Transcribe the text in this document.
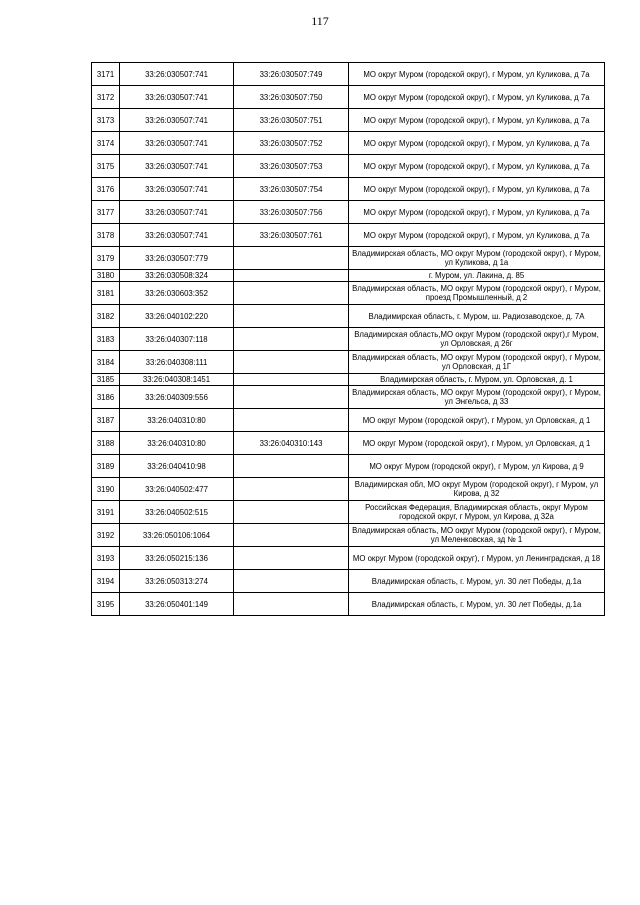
117
3171	33:26:030507:741	33:26:030507:749	МО округ Муром (городской округ), г Муром, ул Куликова, д 7а
3172	33:26:030507:741	33:26:030507:750	МО округ Муром (городской округ), г Муром, ул Куликова, д 7а
3173	33:26:030507:741	33:26:030507:751	МО округ Муром (городской округ), г Муром, ул Куликова, д 7а
3174	33:26:030507:741	33:26:030507:752	МО округ Муром (городской округ), г Муром, ул Куликова, д 7а
3175	33:26:030507:741	33:26:030507:753	МО округ Муром (городской округ), г Муром, ул Куликова, д 7а
3176	33:26:030507:741	33:26:030507:754	МО округ Муром (городской округ), г Муром, ул Куликова, д 7а
3177	33:26:030507:741	33:26:030507:756	МО округ Муром (городской округ), г Муром, ул Куликова, д 7а
3178	33:26:030507:741	33:26:030507:761	МО округ Муром (городской округ), г Муром, ул Куликова, д 7а
3179	33:26:030507:779		Владимирская область, МО округ Муром (городской округ), г Муром, ул Куликова, д 1а
3180	33:26:030508:324		г. Муром, ул. Лакина, д. 85
3181	33:26:030603:352		Владимирская область, МО округ Муром (городской округ), г Муром, проезд Промышленный, д 2
3182	33:26:040102:220		Владимирская область, г. Муром, ш. Радиозаводское, д. 7А
3183	33:26:040307:118		Владимирская область,МО округ Муром (городской округ),г Муром, ул Орловская, д 26г
3184	33:26:040308:111		Владимирская область, МО округ Муром (городской округ), г Муром, ул Орловская, д 1Г
3185	33:26:040308:1451		Владимирская область, г. Муром, ул. Орловская, д. 1
3186	33:26:040309:556		Владимирская область, МО округ Муром (городской округ), г Муром, ул Энгельса, д 33
3187	33:26:040310:80		МО округ Муром (городской округ), г Муром, ул Орловская, д 1
3188	33:26:040310:80	33:26:040310:143	МО округ Муром (городской округ), г Муром, ул Орловская, д 1
3189	33:26:040410:98		МО округ Муром (городской округ), г Муром, ул Кирова, д 9
3190	33:26:040502:477		Владимирская обл, МО округ Муром (городской округ), г Муром, ул Кирова, д 32
3191	33:26:040502:515		Российская Федерация, Владимирская область, округ Муром городской округ, г Муром, ул Кирова, д 32а
3192	33:26:050106:1064		Владимирская область, МО округ Муром (городской округ), г Муром, ул Меленковская, зд № 1
3193	33:26:050215:136		МО округ Муром (городской округ), г Муром, ул Ленинградская, д 18
3194	33:26:050313:274		Владимирская область, г. Муром, ул. 30 лет Победы, д.1а
3195	33:26:050401:149		Владимирская область, г. Муром, ул. 30 лет Победы, д.1а
